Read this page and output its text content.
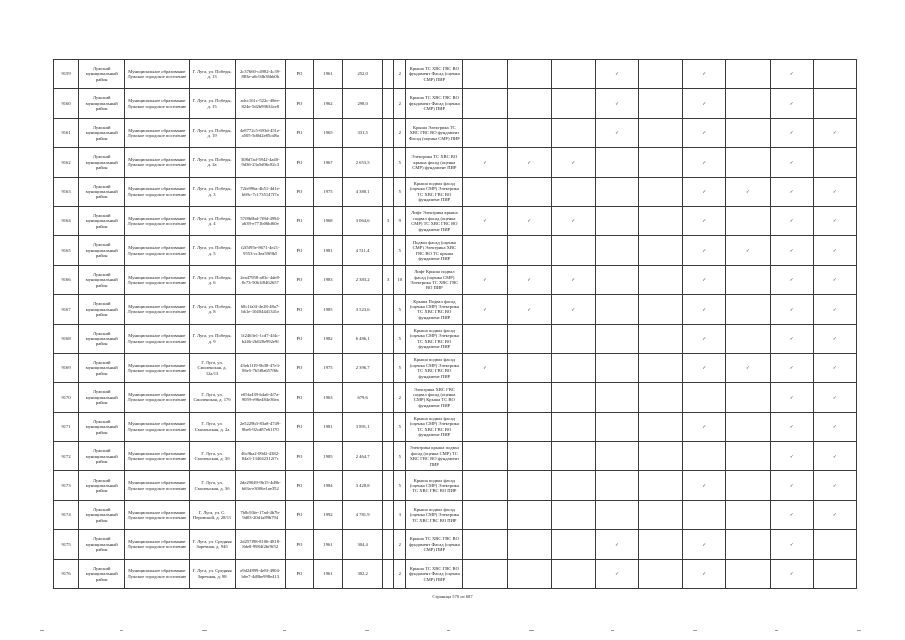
9159	Лужский муниципальный район	Муниципальное образование Лужское городское поселение	Г. Луга, ул. Победы, д. 13	2c37660-c4982-4c39-883e-a6c94b36bb0b	РО	1961	252,0		2	Крыша ТС ХВС ГВС ВО фундамент Фасад (оценка СМР) ПИР				✓		✓		✓	
9160	Лужский муниципальный район	Муниципальное образование Лужское городское поселение	Г. Луга, ул. Победы, д. 15	adcc161c-522c-48ee-824e-5d2b99634ce8	РО	1962	298,0		2	Крыша ТС ХВС ГВС ВО фундамент Фасад (оценка СМР) ПИР				✓		✓		✓	
9161	Лужский муниципальный район	Муниципальное образование Лужское городское поселение	Г. Луга, ул. Победы, д. 19	4e8772c5-693d-451e-a505-5d0d2e85cd8a	РО	1965	331,5		2	Крыша Электрика ТС ХВС ГВС ВО фундамент Фасад (оценка СМР) ПИР				✓		✓		✓	✓
9162	Лужский муниципальный район	Муниципальное образование Лужское городское поселение	Г. Луга, ул. Победы, д. 2а	308d7ad-5942-4a40-9d36-23a5d06c82c3	РО	1967	2 653,5		5	Электрика ТС ХВС ВО крыша фасад (оценка СМР) фундамент ПИР	✓	✓	✓			✓		✓	
9163	Лужский муниципальный район	Муниципальное образование Лужское городское поселение	Г. Луга, ул. Победы, д. 3	72fe996a-4b51-4d1e-b69c-7c1735147f7a	РО	1975	4 380,1		5	Крыша подвал фасад (оценка СМР) Электрика ТС ХВС ГВС ВО фундамент ПИР						✓	✓	✓	✓
9164	Лужский муниципальный район	Муниципальное образование Лужское городское поселение	Г. Луга, ул. Победы, д. 4	57f8b0bd-7f8d-4994-a639-e771b06bf60e	РО	1968	3 064,6	3	9	Лифт Электрика крыша подвал фасад (оценка СМР) ТС ХВС ГВС ВО фундамент ПИР	✓	✓	✓			✓		✓	✓
9165	Лужский муниципальный район	Муниципальное образование Лужское городское поселение	Г. Луга, ул. Победы, д. 5	f2f5f95e-8671-4e21-9553-cc3ea59f9b5	РО	1981	4 511,4		5	Подвал фасад (оценка СМР) Электрика ХВС ГВС ВО ТС крыша фундамент ПИР						✓	✓	✓	✓
9166	Лужский муниципальный район	Муниципальное образование Лужское городское поселение	Г. Луга, ул. Победы, д. 6	2ea47958-a83c-4de8-8c73-50b1f8462657	РО	1983	2 383,2	3	10	Лифт Крыша подвал фасад (оценка СМР) Электрика ТС ХВС ГВС ВО ПИР	✓	✓	✓			✓		✓	✓
9167	Лужский муниципальный район	Муниципальное образование Лужское городское поселение	Г. Луга, ул. Победы, д. 8	68c1fa3f-4e28-48a7-bb1e-104044d1341e	РО	1985	3 523,6		5	Крыша Подвал фасад (оценка СМР) Электрика ТС ХВС ГВС ВО фундамент ПИР	✓	✓	✓			✓		✓	✓
9168	Лужский муниципальный район	Муниципальное образование Лужское городское поселение	Г. Луга, ул. Победы, д. 9	1f2463e1-1cd7-4f4c-b246-2b028e992e9f	РО	1982	6 486,1		5	Крыша подвал фасад (оценка СМР) Электрика ТС ХВС ГВС ВО фундамент ПИР						✓		✓	✓
9169	Лужский муниципальный район	Муниципальное образование Лужское городское поселение	Г. Луга, ул. Смоленская, д. 12а/13	43eb1f19-9b38-47e3-86e5-7b5f8a657f6b	РО	1975	2 396,7		5	Крыша подвал фасад (оценка СМР) Электрика ТС ХВС ГВС ВО фундамент ПИР	✓					✓	✓	✓	✓
9170	Лужский муниципальный район	Муниципальное образование Лужское городское поселение	Г. Луга, ул. Смоленская, д. 17б	e05fa439-b4a6-4f7a-9059-e96e484e36ea	РО	1963	679,6		2	Электрика ХВС ГВС подвал фасад (оценка СМР) Крыша ТС ВО фундамент ПИР								✓	✓
9171	Лужский муниципальный район	Муниципальное образование Лужское городское поселение	Г. Луга, ул. Смоленская, д. 2а	2e5229b3-83a8-4749-8be6-92cd87e61f70	РО	1981	3 891,1		5	Крыша подвал фасад (оценка СМР) Электрика ТС ХВС ГВС ВО фундамент ПИР						✓		✓	✓
9172	Лужский муниципальный район	Муниципальное образование Лужское городское поселение	Г. Луга, ул. Смоленская, д. 3б	46c9ba2-09d2-4382-84a3-134042312f7c	РО	1985	2 464,7		5	Электрика крыша подвал фасад (оценка СМР) ТС ХВС ГВС ВО фундамент ПИР								✓	✓
9173	Лужский муниципальный район	Муниципальное образование Лужское городское поселение	Г. Луга, ул. Смоленская, д. 3б	2de29049-9b15-4d9b-b63a-e3006e1ae352	РО	1984	3 428,8		5	Крыша подвал фасад (оценка СМР) Электрика ТС ХВС ГВС ВО ПИР						✓		✓	✓
9174	Лужский муниципальный район	Муниципальное образование Лужское городское поселение	Г. Луга, ул. С. Перовской, д. 28/11	7b8c93fe-17ad-4b7b-9d03-20d1a89b794	РО	1992	4 781,9		3	Крыша подвал фасад (оценка СМР) Электрика ТС ХВС ГВС ВО ПИР								✓	✓
9175	Лужский муниципальный район	Муниципальное образование Лужское городское поселение	Г. Луга, ул. Средняя Заречная, д. 94б	2d257f98-8106-4818-8de8-9984f2bf9f52	РО	1961	304,4		2	Крыша ТС ХВС ГВС ВО фундамент Фасад (оценка СМР) ПИР				✓		✓		✓	
9176	Лужский муниципальный район	Муниципальное образование Лужское городское поселение	Г. Луга, ул. Средняя Заречная, д. 98	e9d24899-4e8f-4904-b6e7-4d8be998e413	РО	1961	302,2		2	Крыша ТС ХВС ГВС ВО фундамент Фасад (оценка СМР) ПИР				✓		✓		✓	
Страница 570 из 687
